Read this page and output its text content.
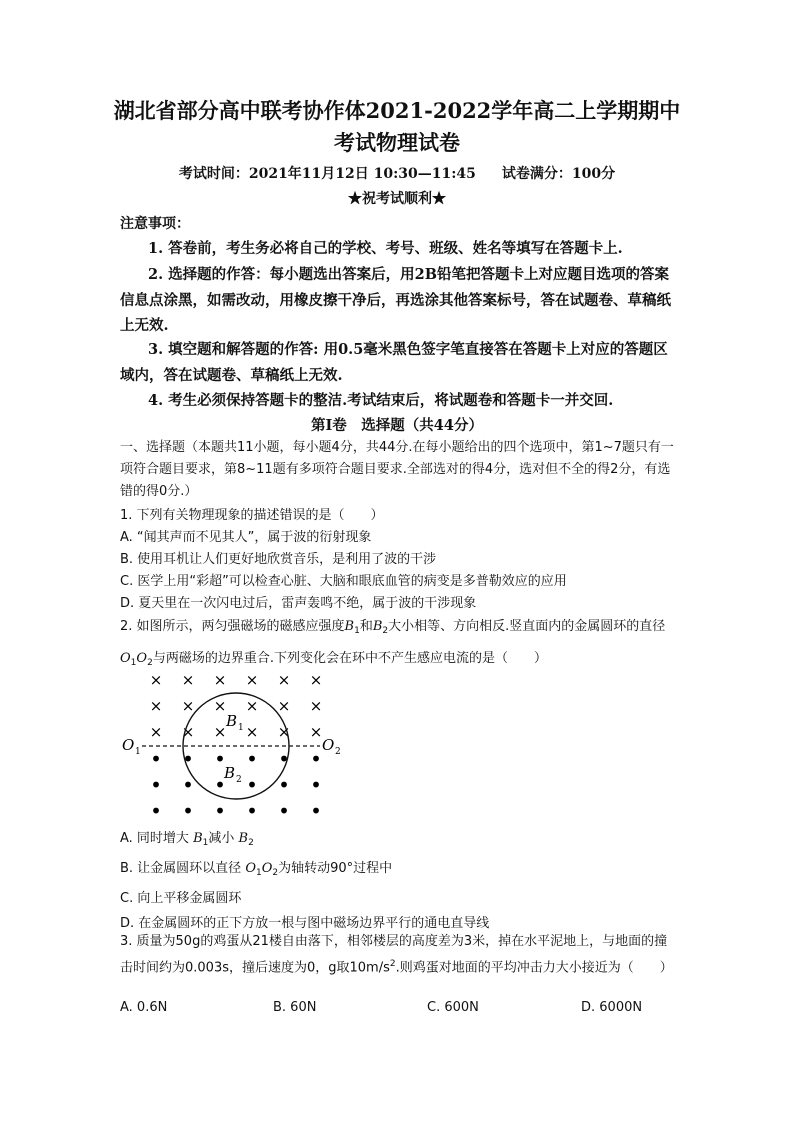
湖北省部分高中联考协作体2021-2022学年高二上学期期中
考试物理试卷
考试时间：2021年11月12日 10:30—11:45 试卷满分：100分
★祝考试顺利★
注意事项：

1. 答卷前，考生务必将自己的学校、考号、班级、姓名等填写在答题卡上.

2. 选择题的作答：每小题选出答案后，用2B铅笔把答题卡上对应题目选项的答案信息点涂黑，如需改动，用橡皮擦干净后，再选涂其他答案标号，答在试题卷、草稿纸上无效.

3. 填空题和解答题的作答: 用0.5毫米黑色签字笔直接答在答题卡上对应的答题区域内，答在试题卷、草稿纸上无效.

4. 考生必须保持答题卡的整洁.考试结束后，将试题卷和答题卡一并交回.

第Ⅰ卷　选择题（共44分）
一、选择题（本题共11小题，每小题4分，共44分.在每小题给出的四个选项中，第1~7题只有一项符合题目要求，第8~11题有多项符合题目要求.全部选对的得4分，选对但不全的得2分，有选错的得0分.）

1. 下列有关物理现象的描述错误的是（　　）

A. “闻其声而不见其人”，属于波的衍射现象

B. 使用耳机让人们更好地欣赏音乐，是利用了波的干涉

C. 医学上用“彩超”可以检查心脏、大脑和眼底血管的病变是多普勒效应的应用

D. 夏天里在一次闪电过后，雷声轰鸣不绝，属于波的干涉现象

2. 如图所示，两匀强磁场的磁感应强度$B_1$和$B_2$大小相等、方向相反.竖直面内的金属圆环的直径$O_1O_2$与两磁场的边界重合.下列变化会在环中不产生感应电流的是（　　）
× × × × × ×
× × × × × ×
× × × × × ×
• • • • • •
• • • • • •
• • • • • •
B 1
B 2
O 1	O 2

A. 同时增大 $B_1$减小 $B_2$

B. 让金属圆环以直径 $O_1O_2$为轴转动90°过程中

C. 向上平移金属圆环

D. 在金属圆环的正下方放一根与图中磁场边界平行的通电直导线

3. 质量为50g的鸡蛋从21楼自由落下，相邻楼层的高度差为3米，掉在水平泥地上，与地面的撞击时间约为0.003s，撞后速度为0，g取$10m/s^2$.则鸡蛋对地面的平均冲击力大小接近为（　　）
A. 0.6N	B. 60N	C. 600N	D. 6000N
